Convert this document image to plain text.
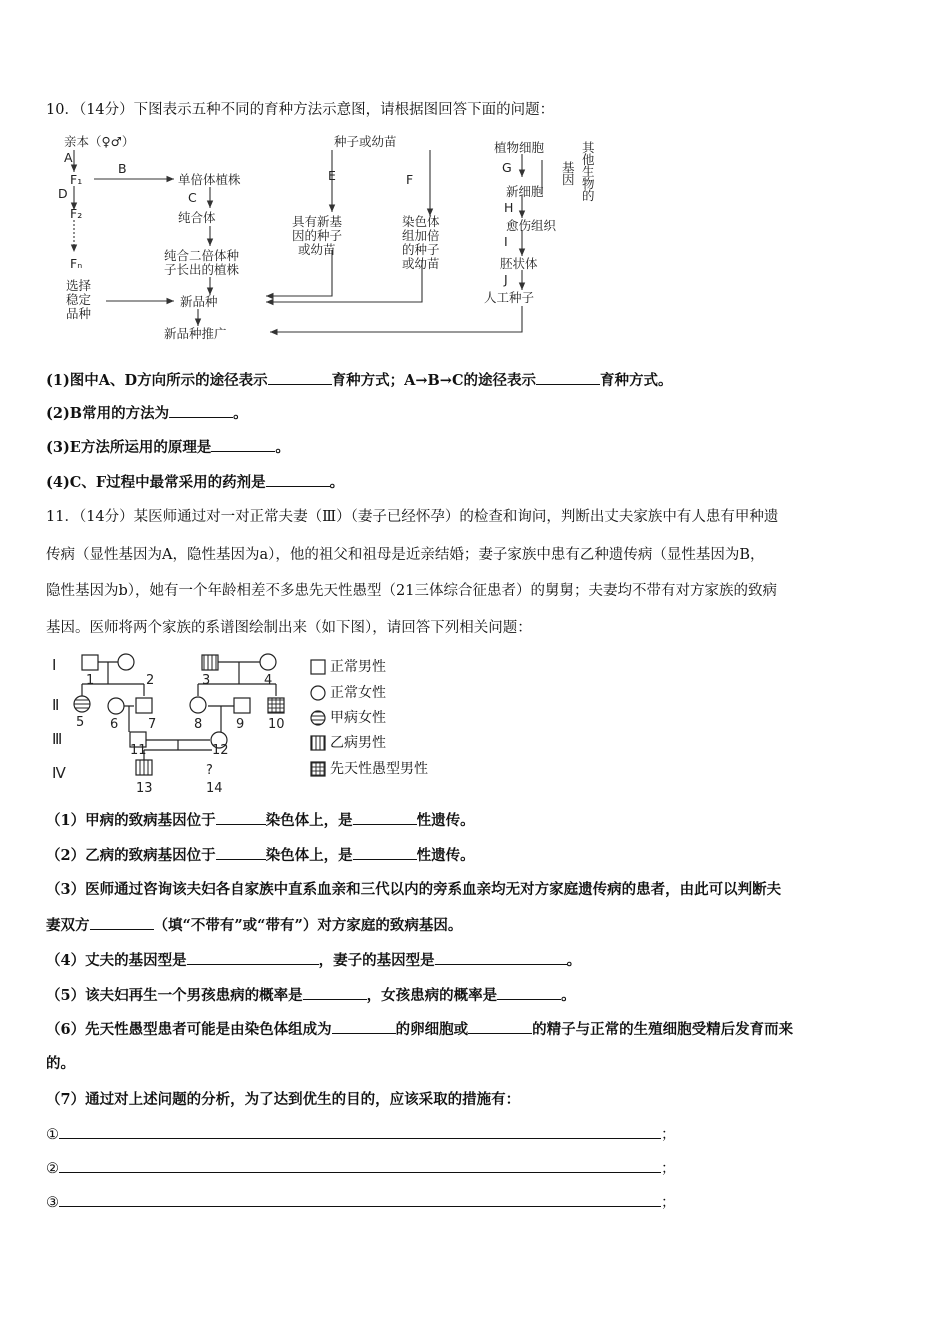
10．（14分）下图表示五种不同的育种方法示意图，请根据图回答下面的问题：
亲本（♀♂）
A
F₁
B
D
F₂
Fₙ
单倍体植株
C
纯合体
纯合二倍体种
子长出的植株
选择
稳定
品种
新品种
新品种推广
种子或幼苗
E	F
具有新基
因的种子
或幼苗
染色体
组加倍
的种子
或幼苗
植物细胞	其
他
生
物
的
G	基
因
新细胞
H
愈伤组织
I
胚状体
J
人工种子
(1)图中A、D方向所示的途径表示	育种方式；A→B→C的途径表示	育种方式。
(2)B常用的方法为	。
(3)E方法所运用的原理是	。
(4)C、F过程中最常采用的药剂是	。
11．（14分）某医师通过对一对正常夫妻（Ⅲ）（妻子已经怀孕）的检查和询问，判断出丈夫家族中有人患有甲种遗
传病（显性基因为A，隐性基因为a），他的祖父和祖母是近亲结婚；妻子家族中患有乙种遗传病（显性基因为B，
隐性基因为b），她有一个年龄相差不多患先天性愚型（21三体综合征患者）的舅舅；夫妻均不带有对方家族的致病
基因。医师将两个家族的系谱图绘制出来（如下图），请回答下列相关问题：
Ⅰ
Ⅱ
Ⅲ
Ⅳ
1	2	3	4
5 6 7	8	9 10
11	12
?
13	14
正常男性
正常女性
甲病女性
乙病男性
先天性愚型男性
（1）甲病的致病基因位于	染色体上，是	性遗传。
（2）乙病的致病基因位于	染色体上，是	性遗传。
（3）医师通过咨询该夫妇各自家族中直系血亲和三代以内的旁系血亲均无对方家庭遗传病的患者，由此可以判断夫
妻双方	（填“不带有”或“带有”）对方家庭的致病基因。
（4）丈夫的基因型是	，妻子的基因型是	。
（5）该夫妇再生一个男孩患病的概率是	，女孩患病的概率是	。
（6）先天性愚型患者可能是由染色体组成为	的卵细胞或	的精子与正常的生殖细胞受精后发育而来
的。
（7）通过对上述问题的分析，为了达到优生的目的，应该采取的措施有：
①	；
②	；
③	；
